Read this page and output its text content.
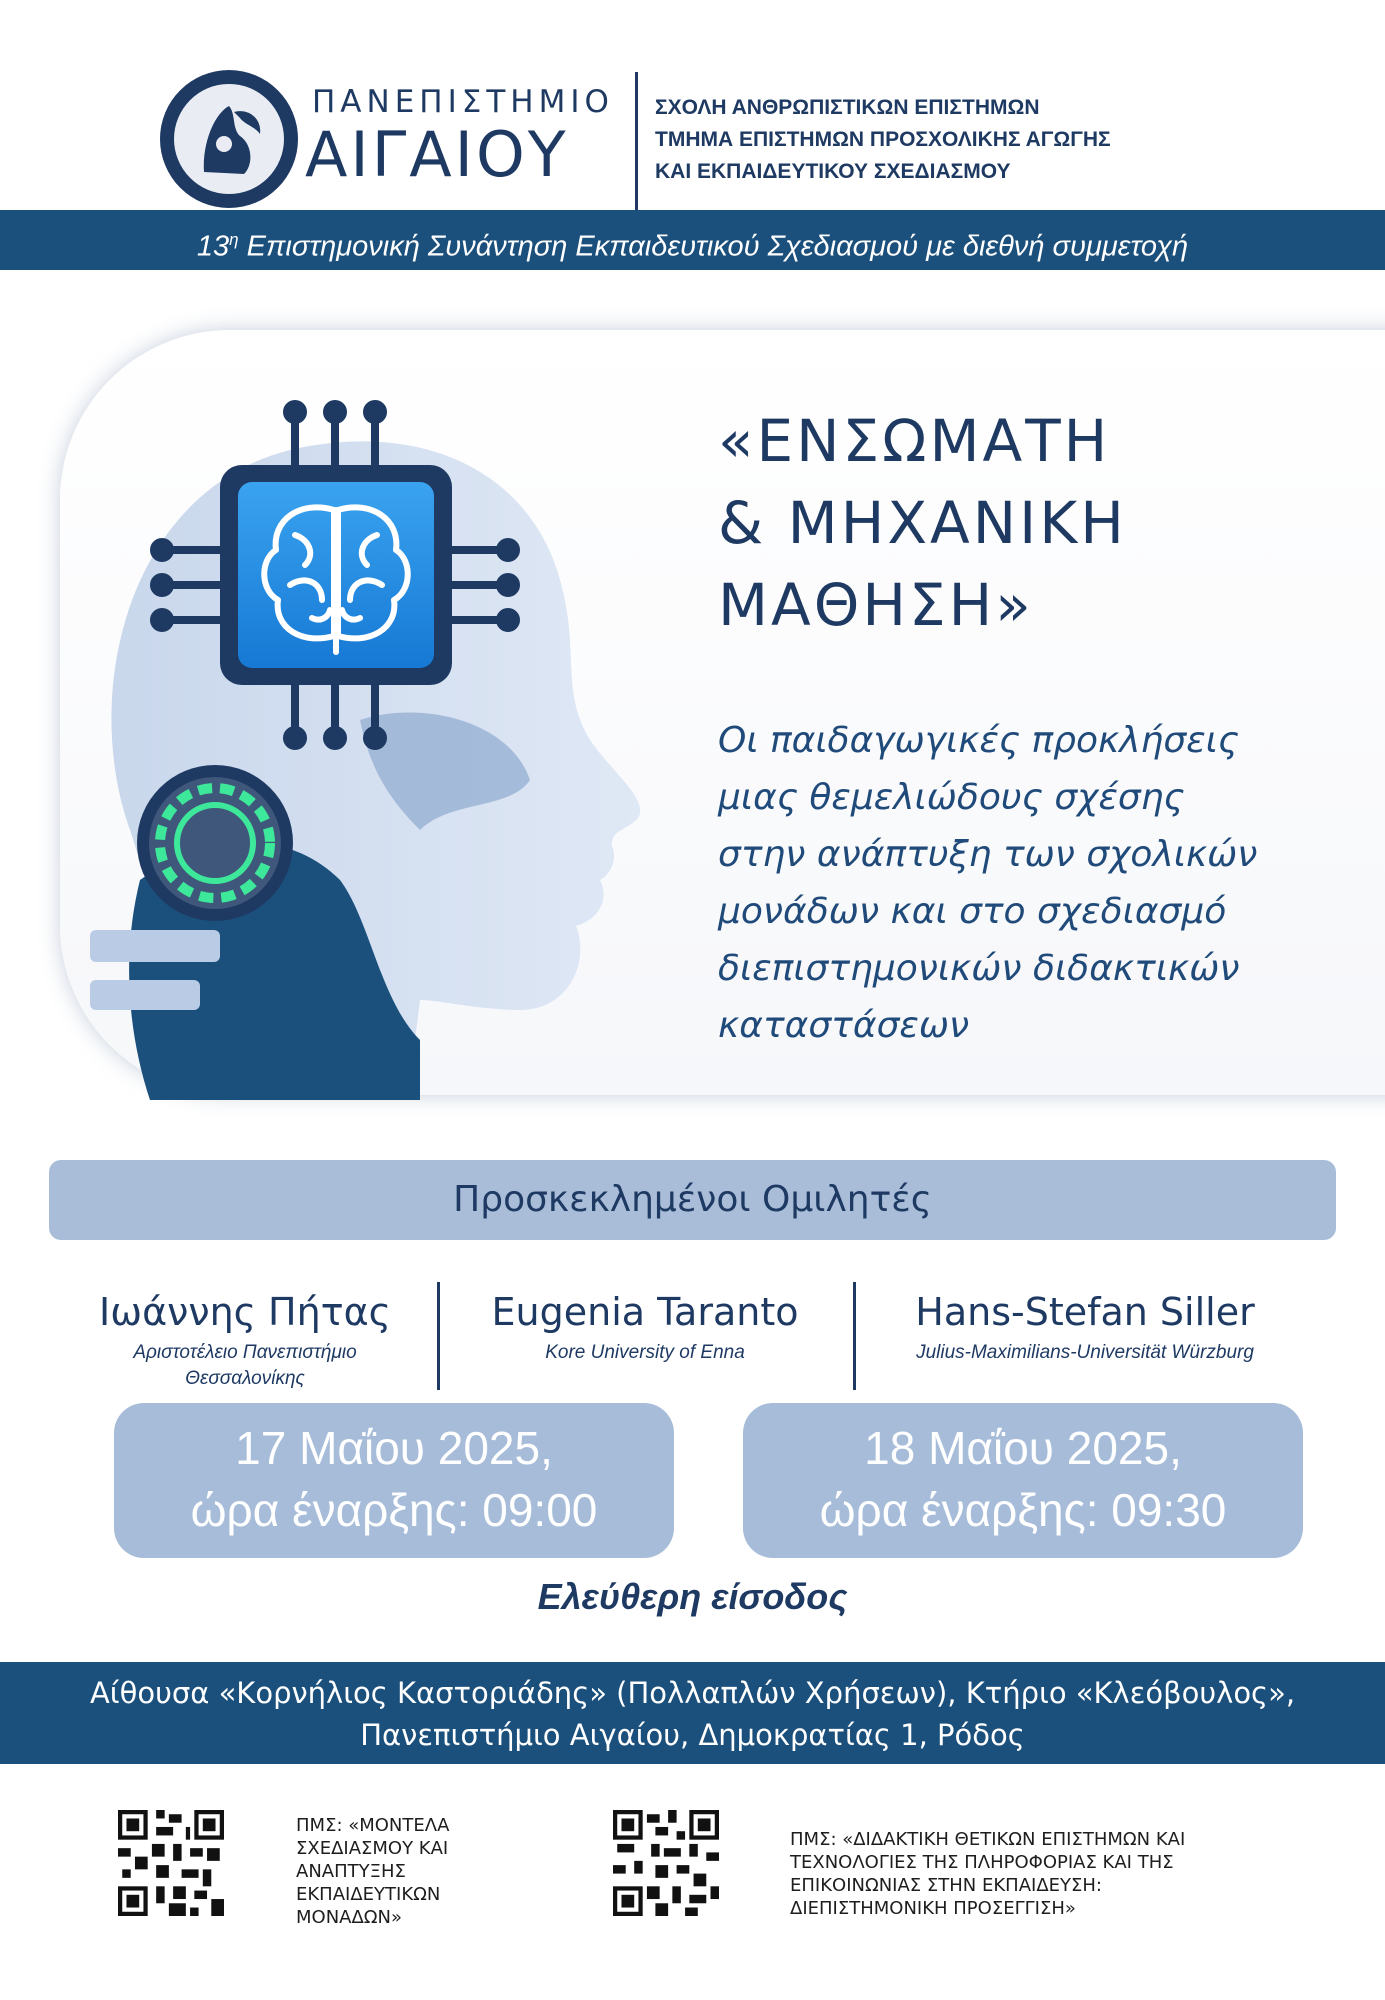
ΠΑΝΕΠΙΣΤΗΜΙΟ
ΑΙΓΑΙΟΥ
ΣΧΟΛΗ ΑΝΘΡΩΠΙΣΤΙΚΩΝ ΕΠΙΣΤΗΜΩΝ
ΤΜΗΜΑ ΕΠΙΣΤΗΜΩΝ ΠΡΟΣΧΟΛΙΚΗΣ ΑΓΩΓΗΣ
ΚΑΙ ΕΚΠΑΙΔΕΥΤΙΚΟΥ ΣΧΕΔΙΑΣΜΟΥ
$13^\eta$ Επιστημονική Συνάντηση Εκπαιδευτικού Σχεδιασμού με διεθνή συμμετοχή
«ΕΝΣΩΜΑΤΗ
& ΜΗΧΑΝΙΚΗ
ΜΑΘΗΣΗ»
Οι παιδαγωγικές προκλήσεις
μιας θεμελιώδους σχέσης
στην ανάπτυξη των σχολικών
μονάδων και στο σχεδιασμό
διεπιστημονικών διδακτικών
καταστάσεων
Προσκεκλημένοι Ομιλητές
Ιωάννης Πήτας
Αριστοτέλειο Πανεπιστήμιο
Θεσσαλονίκης
Eugenia Taranto
Kore University of Enna
Hans-Stefan Siller
Julius-Maximilians-Universität Würzburg
17 Μαΐου 2025,
ώρα έναρξης: 09:00
18 Μαΐου 2025,
ώρα έναρξης: 09:30
Ελεύθερη είσοδος
Αίθουσα «Κορνήλιος Καστοριάδης» (Πολλαπλών Χρήσεων), Κτήριο «Κλεόβουλος»,
Πανεπιστήμιο Αιγαίου, Δημοκρατίας 1, Ρόδος
ΠΜΣ: «ΜΟΝΤΕΛΑ
ΣΧΕΔΙΑΣΜΟΥ ΚΑΙ
ΑΝΑΠΤΥΞΗΣ
ΕΚΠΑΙΔΕΥΤΙΚΩΝ
ΜΟΝΑΔΩΝ»
ΠΜΣ: «ΔΙΔΑΚΤΙΚΗ ΘΕΤΙΚΩΝ ΕΠΙΣΤΗΜΩΝ ΚΑΙ
ΤΕΧΝΟΛΟΓΙΕΣ ΤΗΣ ΠΛΗΡΟΦΟΡΙΑΣ ΚΑΙ ΤΗΣ
ΕΠΙΚΟΙΝΩΝΙΑΣ ΣΤΗΝ ΕΚΠΑΙΔΕΥΣΗ:
ΔΙΕΠΙΣΤΗΜΟΝΙΚΗ ΠΡΟΣΕΓΓΙΣΗ»
